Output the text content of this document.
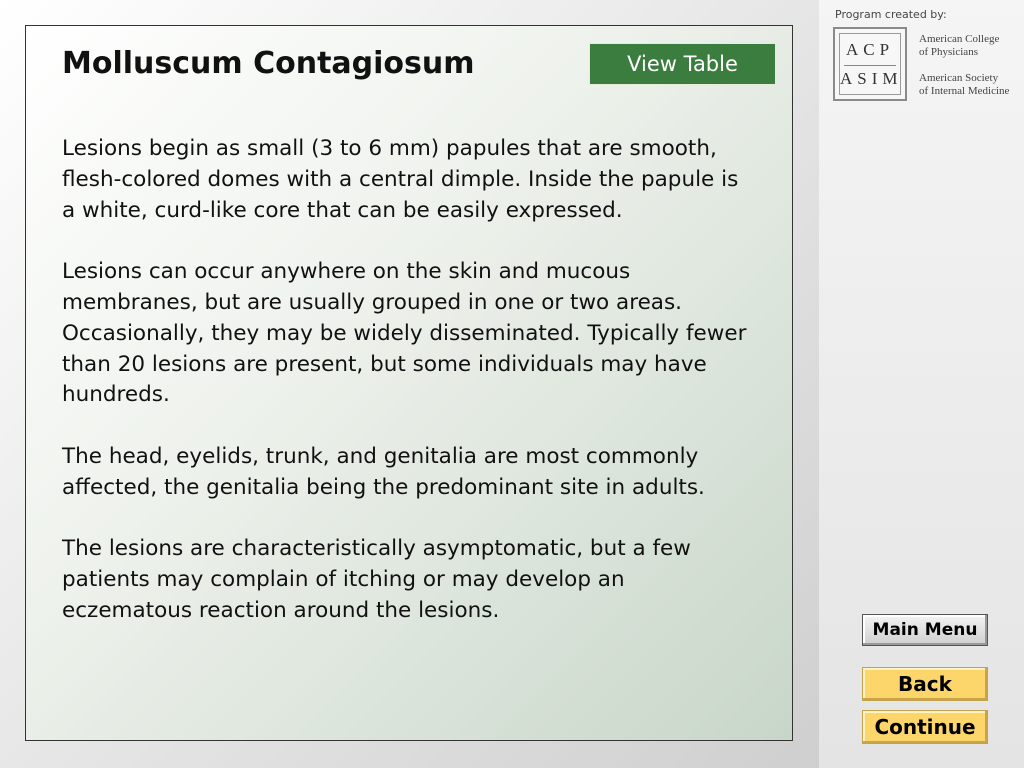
Molluscum Contagiosum	View Table

Lesions begin as small (3 to 6 mm) papules that are smooth, flesh-colored domes with a central dimple. Inside the papule is a white, curd-like core that can be easily expressed.

Lesions can occur anywhere on the skin and mucous membranes, but are usually grouped in one or two areas. Occasionally, they may be widely disseminated. Typically fewer than 20 lesions are present, but some individuals may have hundreds.

The head, eyelids, trunk, and genitalia are most commonly affected, the genitalia being the predominant site in adults.

The lesions are characteristically asymptomatic, but a few patients may complain of itching or may develop an eczematous reaction around the lesions.

Program created by:
ACP
ASIM
American College
of Physicians
American Society
of Internal Medicine
Main Menu
Back
Continue
